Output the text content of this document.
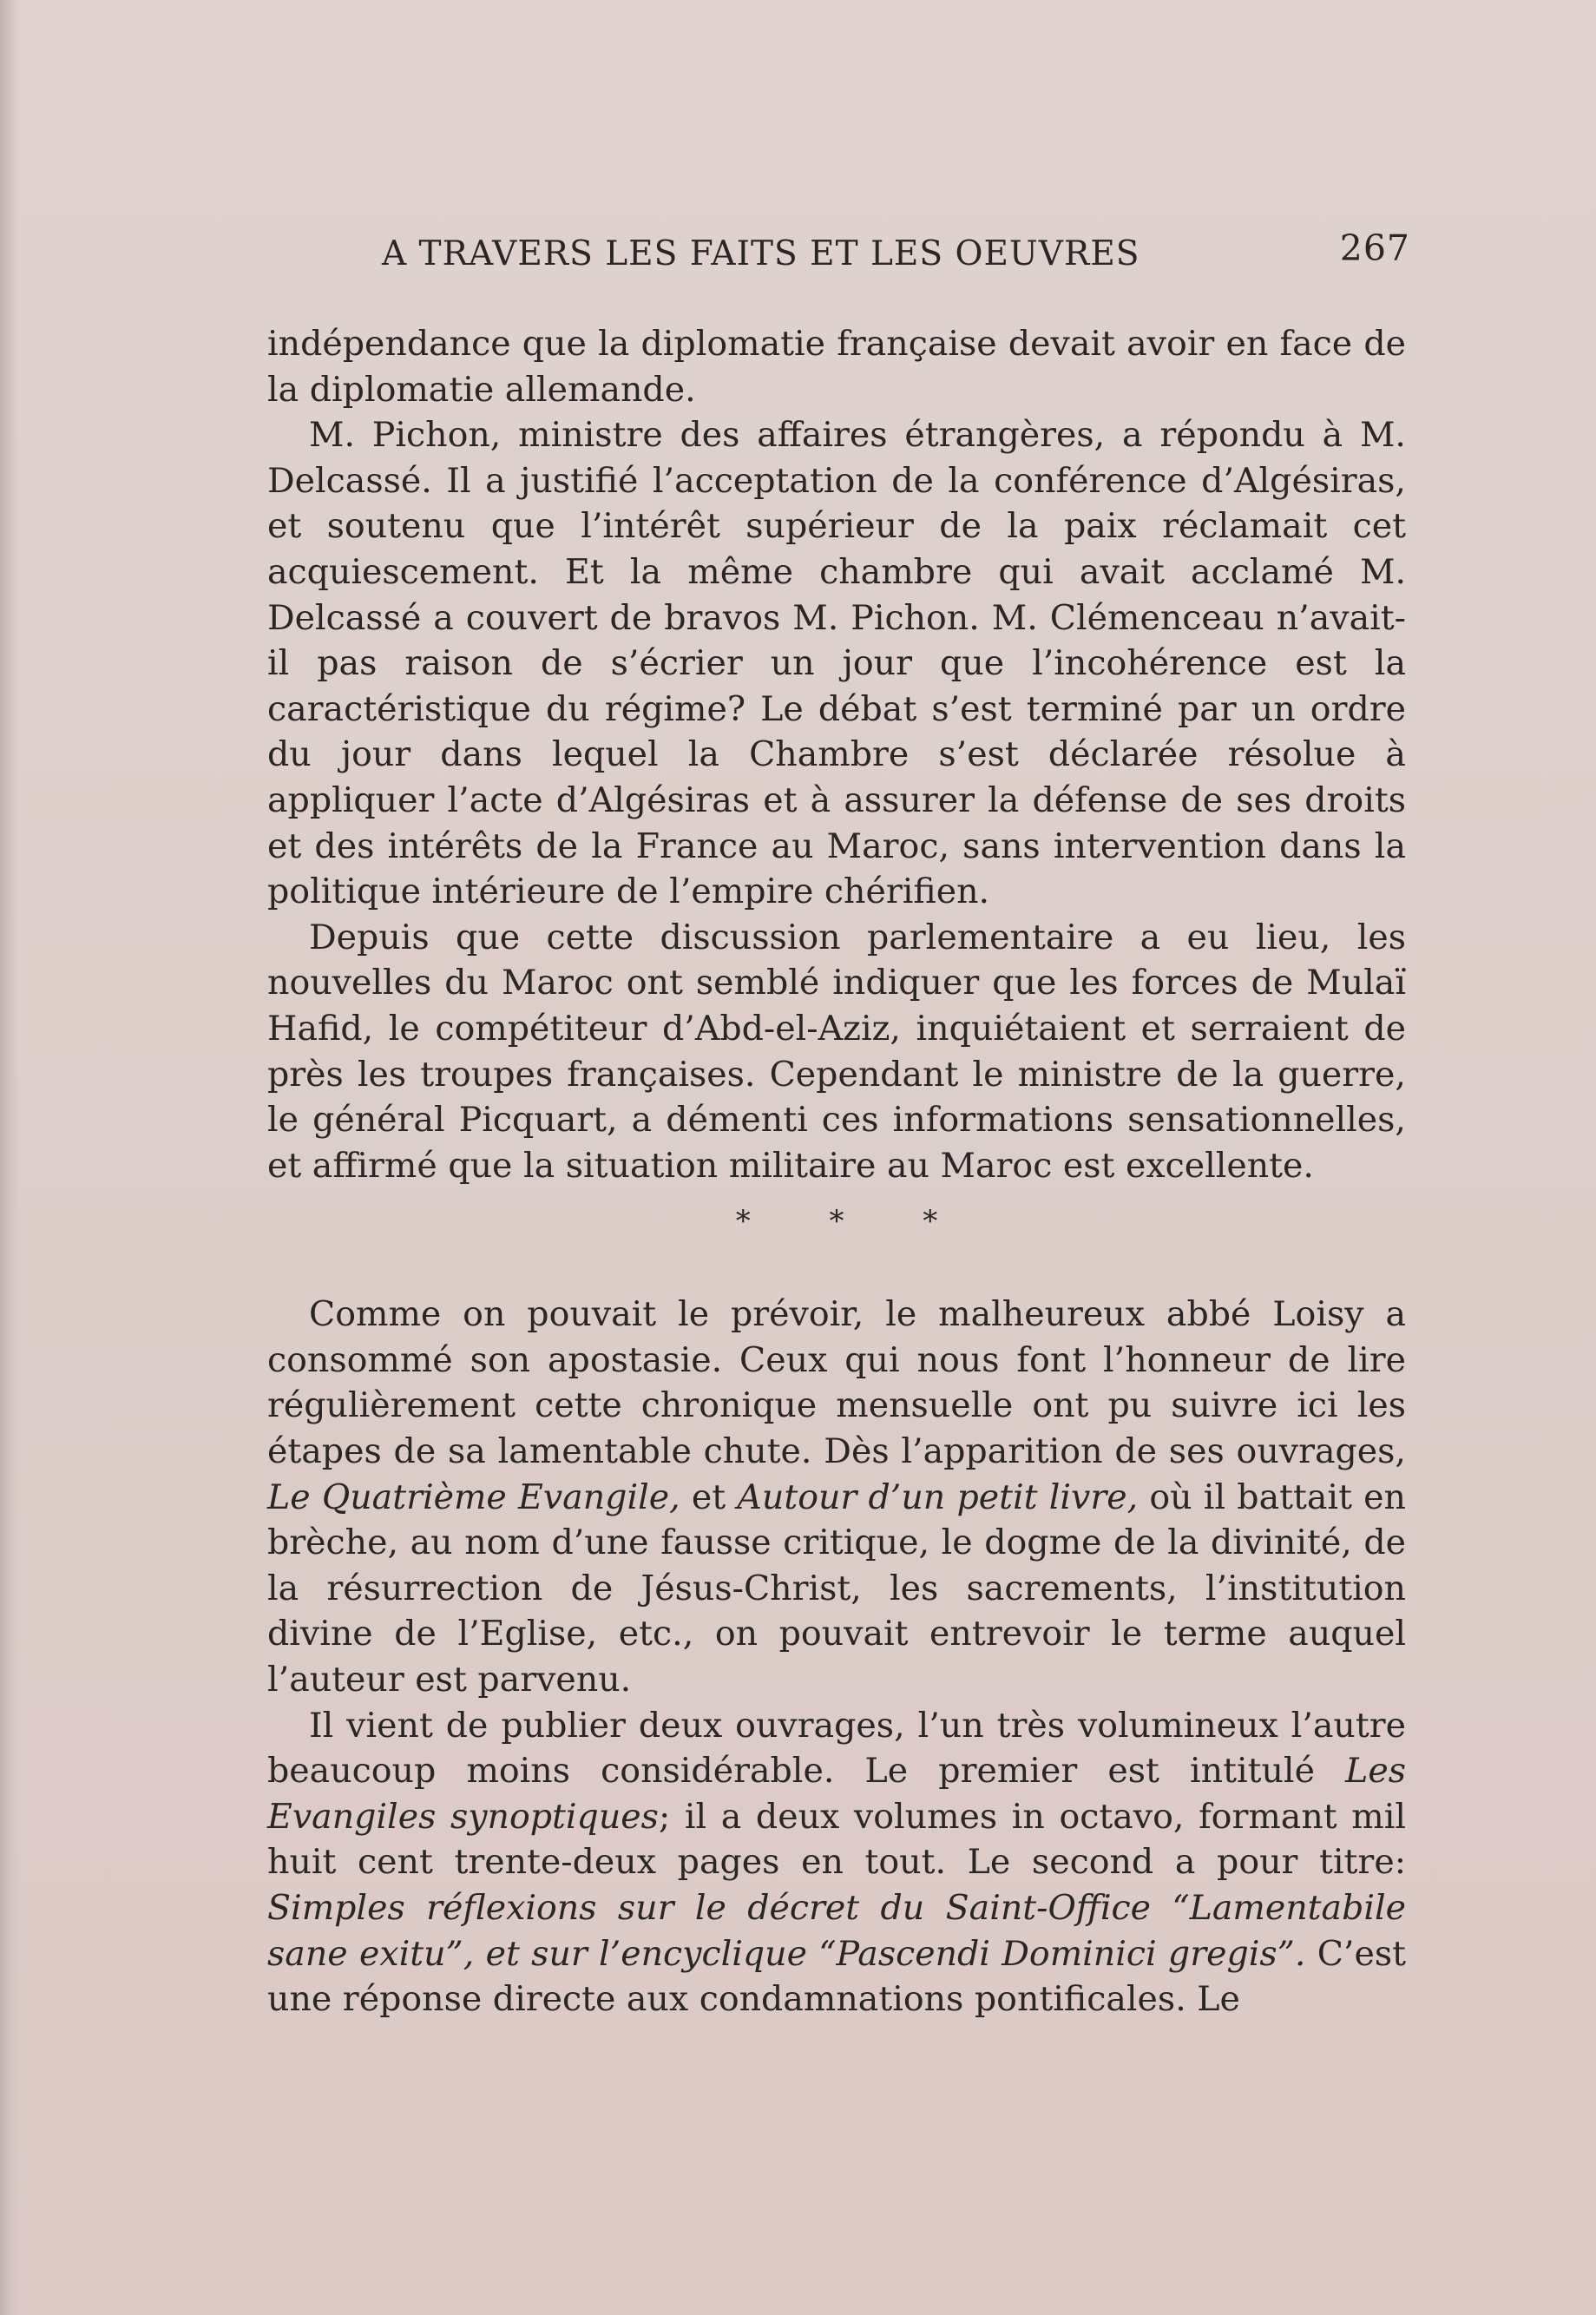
A TRAVERS LES FAITS ET LES OEUVRES	267

indépendance que la diplomatie française devait avoir en face de la diplomatie allemande.

M. Pichon, ministre des affaires étrangères, a répondu à M. Delcassé. Il a justifié l’acceptation de la conférence d’Algésiras, et soutenu que l’intérêt supérieur de la paix réclamait cet acquiescement. Et la même chambre qui avait acclamé M. Delcassé a couvert de bravos M. Pichon. M. Clémenceau n’avait-il pas raison de s’écrier un jour que l’incohérence est la caractéristique du régime? Le débat s’est terminé par un ordre du jour dans lequel la Chambre s’est déclarée résolue à appliquer l’acte d’Algésiras et à assurer la défense de ses droits et des intérêts de la France au Maroc, sans intervention dans la politique intérieure de l’empire chérifien.

Depuis que cette discussion parlementaire a eu lieu, les nouvelles du Maroc ont semblé indiquer que les forces de Mulaï Hafid, le compétiteur d’Abd-el-Aziz, inquiétaient et serraient de près les troupes françaises. Cependant le ministre de la guerre, le général Picquart, a démenti ces informations sensationnelles, et affirmé que la situation militaire au Maroc est excellente.

* * *

Comme on pouvait le prévoir, le malheureux abbé Loisy a consommé son apostasie. Ceux qui nous font l’honneur de lire régulièrement cette chronique mensuelle ont pu suivre ici les étapes de sa lamentable chute. Dès l’apparition de ses ouvrages, Le Quatrième Evangile, et Autour d’un petit livre, où il battait en brèche, au nom d’une fausse critique, le dogme de la divinité, de la résurrection de Jésus-Christ, les sacrements, l’institution divine de l’Eglise, etc., on pouvait entrevoir le terme auquel l’auteur est parvenu.

Il vient de publier deux ouvrages, l’un très volumineux l’autre beaucoup moins considérable. Le premier est intitulé Les Evangiles synoptiques; il a deux volumes in octavo, formant mil huit cent trente-deux pages en tout. Le second a pour titre: Simples réflexions sur le décret du Saint-Office “Lamentabile sane exitu”, et sur l’encyclique “Pascendi Dominici gregis”. C’est une réponse directe aux condamnations pontificales. Le
